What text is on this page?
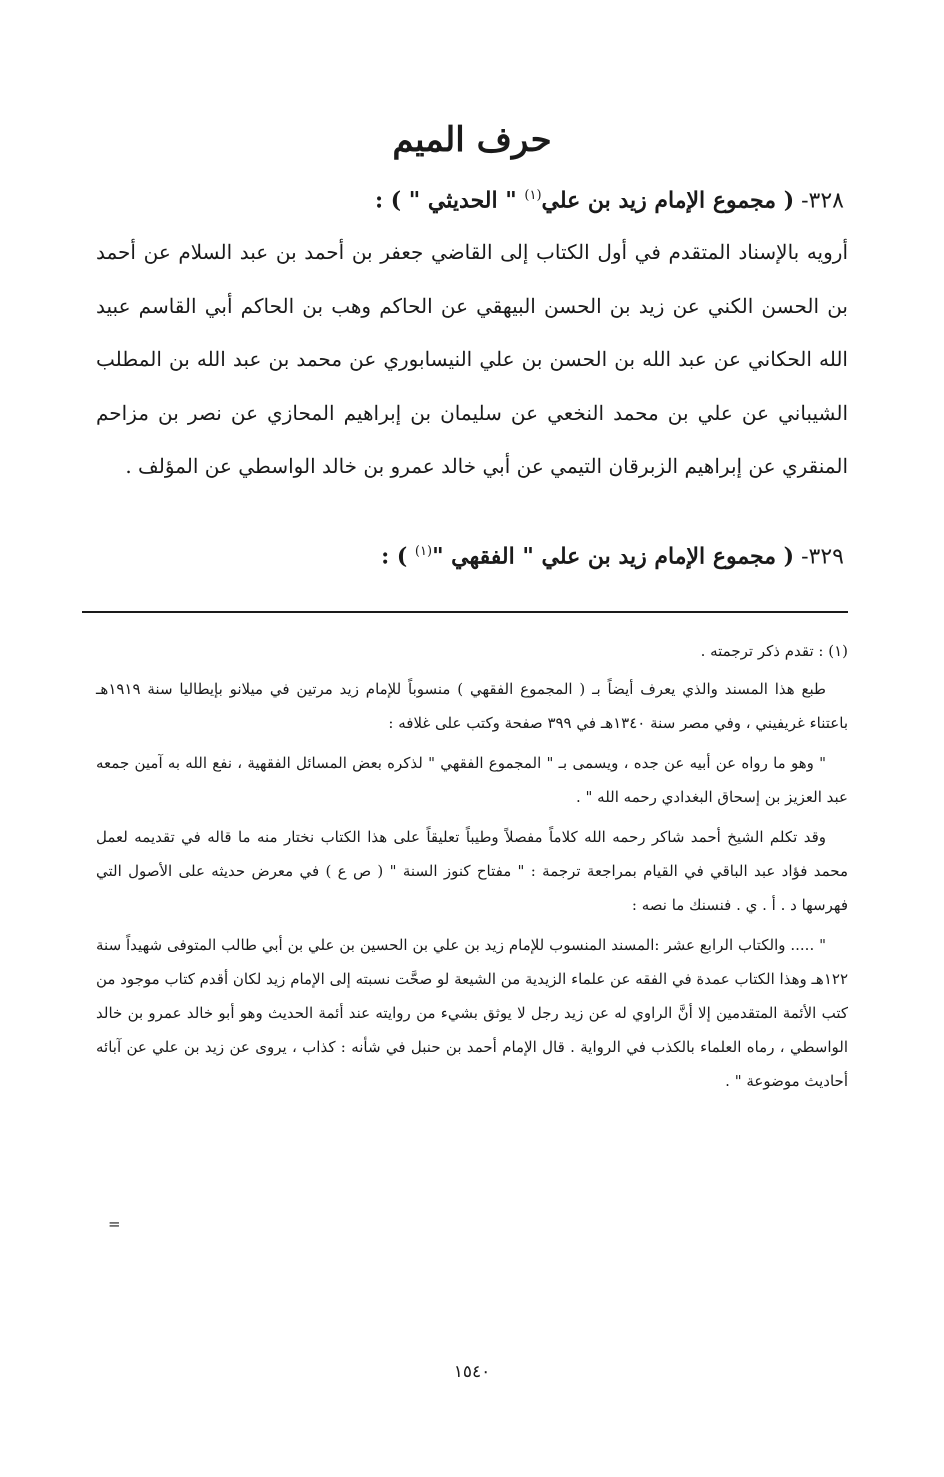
حرف الميم
٣٢٨- ( مجموع الإمام زيد بن علي$^{(١)}$ " الحديثي " ) :

أرويه بالإسناد المتقدم في أول الكتاب إلى القاضي جعفر بن أحمد بن عبد السلام عن أحمد بن الحسن الكني عن زيد بن الحسن البيهقي عن الحاكم وهب بن الحاكم أبي القاسم عبيد الله الحكاني عن عبد الله بن الحسن بن علي النيسابوري عن محمد بن عبد الله بن المطلب الشيباني عن علي بن محمد النخعي عن سليمان بن إبراهيم المحازي عن نصر بن مزاحم المنقري عن إبراهيم الزبرقان التيمي عن أبي خالد عمرو بن خالد الواسطي عن المؤلف .

٣٢٩- ( مجموع الإمام زيد بن علي " الفقهي "$^{(١)}$ ) :

(١) : تقدم ذكر ترجمته .

طبع هذا المسند والذي يعرف أيضاً بـ ( المجموع الفقهي ) منسوباً للإمام زيد مرتين في ميلانو بإيطاليا سنة ١٩١٩هـ باعتناء غريفيني ، وفي مصر سنة ١٣٤٠هـ في ٣٩٩ صفحة وكتب على غلافه :

" وهو ما رواه عن أبيه عن جده ، ويسمى بـ " المجموع الفقهي " لذكره بعض المسائل الفقهية ، نفع الله به آمين جمعه عبد العزيز بن إسحاق البغدادي رحمه الله " .

وقد تكلم الشيخ أحمد شاكر رحمه الله كلاماً مفصلاً وطيباً تعليقاً على هذا الكتاب نختار منه ما قاله في تقديمه لعمل محمد فؤاد عبد الباقي في القيام بمراجعة ترجمة : " مفتاح كنوز السنة " ( ص ع ) في معرض حديثه على الأصول التي فهرسها د . أ . ي . فنسنك ما نصه :

" ..... والكتاب الرابع عشر :المسند المنسوب للإمام زيد بن علي بن الحسين بن علي بن أبي طالب المتوفى شهيداً سنة ١٢٢هـ وهذا الكتاب عمدة في الفقه عن علماء الزيدية من الشيعة لو صحَّت نسبته إلى الإمام زيد لكان أقدم كتاب موجود من كتب الأئمة المتقدمين إلا أنَّ الراوي له عن زيد رجل لا يوثق بشيء من روايته عند أئمة الحديث وهو أبو خالد عمرو بن خالد الواسطي ، رماه العلماء بالكذب في الرواية . قال الإمام أحمد بن حنبل في شأنه : كذاب ، يروى عن زيد بن علي عن آبائه أحاديث موضوعة " .

=
١٥٤٠
